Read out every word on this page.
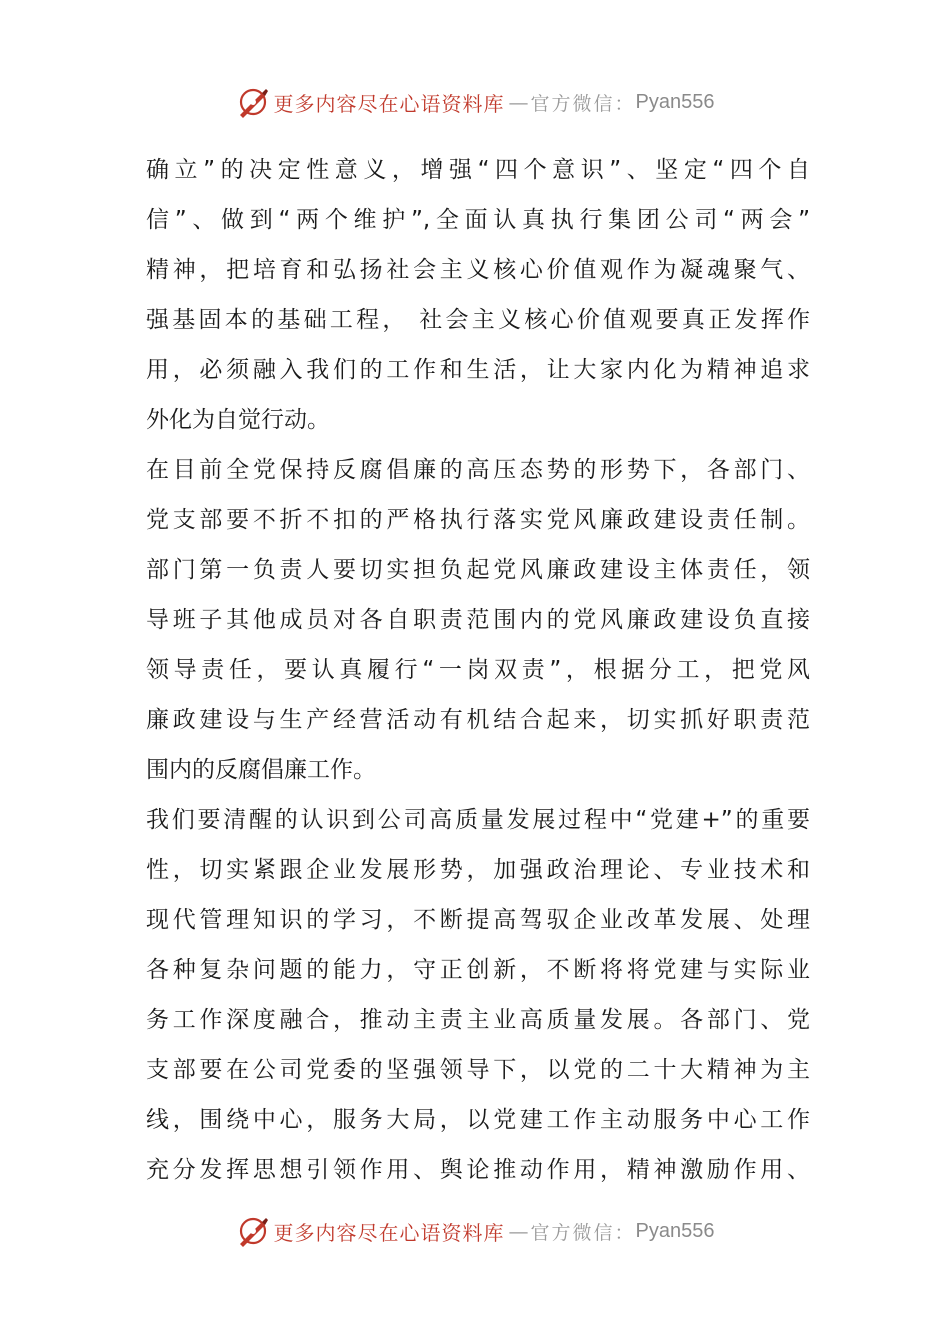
更多内容尽在心语资料库 — 官方微信： Pyan556
确立”的决定性意义，增强“四个意识”、坚定“四个自
信”、做到“两个维护”,全面认真执行集团公司“两会”
精神，把培育和弘扬社会主义核心价值观作为凝魂聚气、
强基固本的基础工程， 社会主义核心价值观要真正发挥作
用，必须融入我们的工作和生活，让大家内化为精神追求
外化为自觉行动。
在目前全党保持反腐倡廉的高压态势的形势下，各部门、
党支部要不折不扣的严格执行落实党风廉政建设责任制。
部门第一负责人要切实担负起党风廉政建设主体责任，领
导班子其他成员对各自职责范围内的党风廉政建设负直接
领导责任，要认真履行“一岗双责”，根据分工，把党风
廉政建设与生产经营活动有机结合起来，切实抓好职责范
围内的反腐倡廉工作。
我们要清醒的认识到公司高质量发展过程中“党建+”的重要
性，切实紧跟企业发展形势，加强政治理论、专业技术和
现代管理知识的学习，不断提高驾驭企业改革发展、处理
各种复杂问题的能力，守正创新，不断将将党建与实际业
务工作深度融合，推动主责主业高质量发展。各部门、党
支部要在公司党委的坚强领导下，以党的二十大精神为主
线，围绕中心，服务大局，以党建工作主动服务中心工作
充分发挥思想引领作用、舆论推动作用，精神激励作用、
更多内容尽在心语资料库 — 官方微信： Pyan556
